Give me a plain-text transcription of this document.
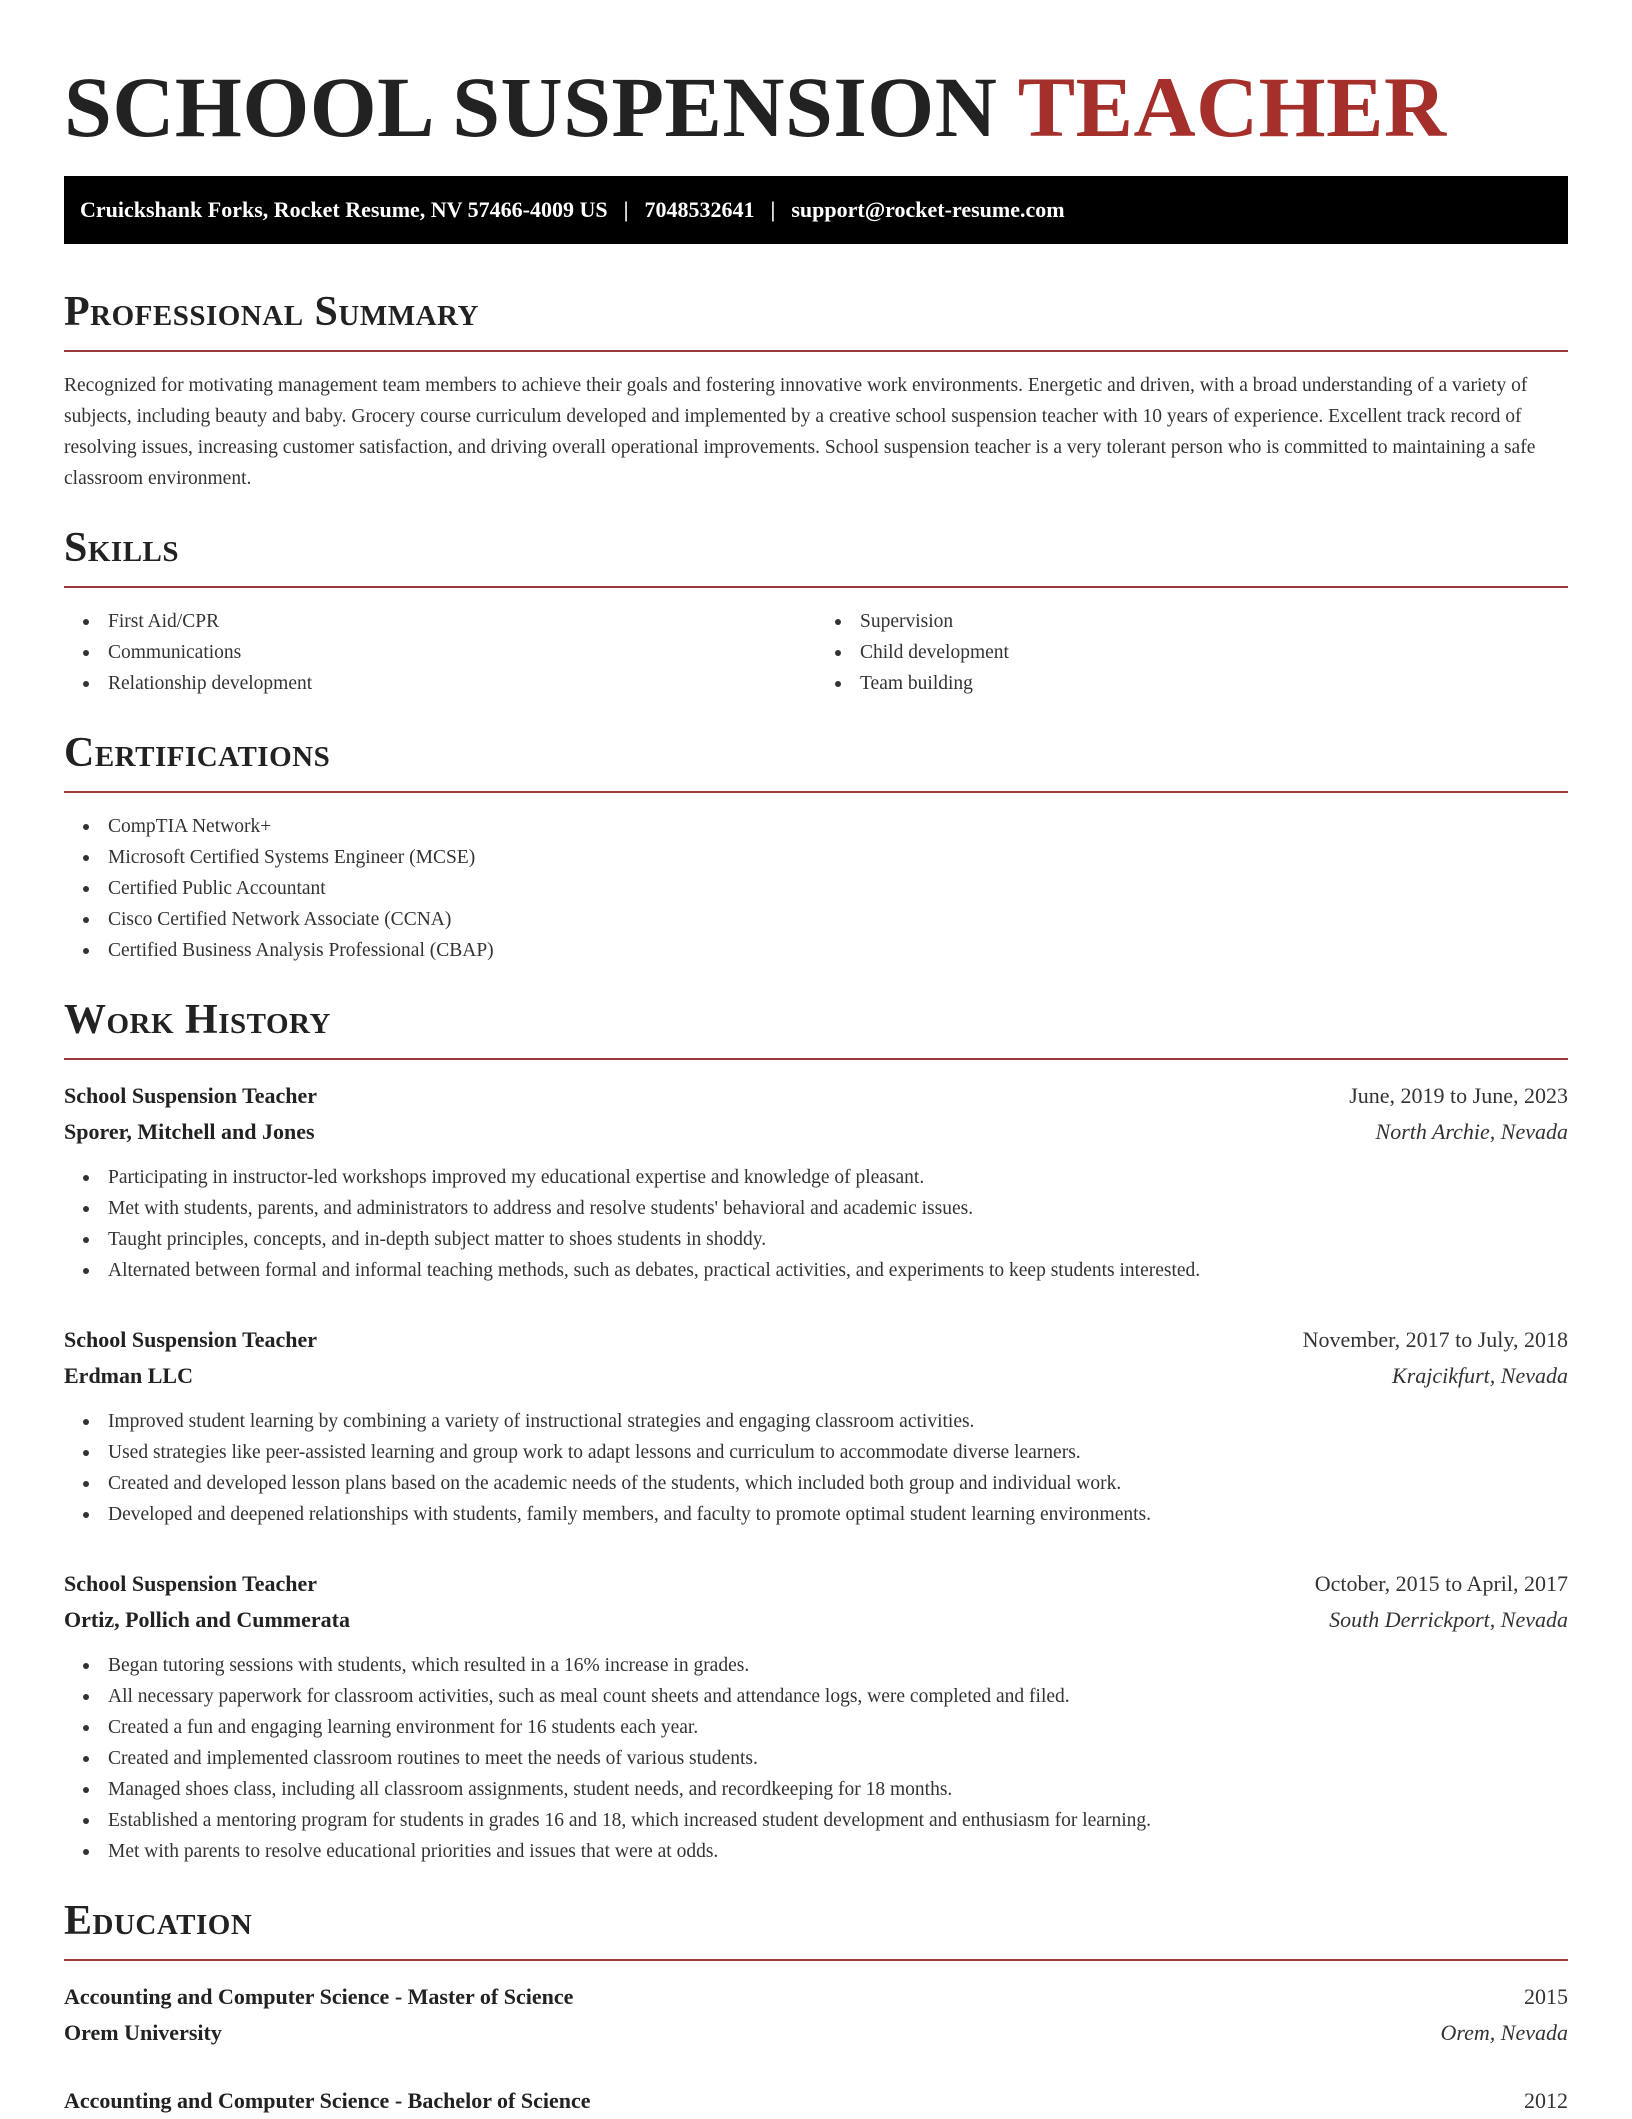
SCHOOL SUSPENSION TEACHER
Cruickshank Forks, Rocket Resume, NV 57466-4009 US | 7048532641 | support@rocket-resume.com
Professional Summary

Recognized for motivating management team members to achieve their goals and fostering innovative work environments. Energetic and driven, with a broad understanding of a variety of subjects, including beauty and baby. Grocery course curriculum developed and implemented by a creative school suspension teacher with 10 years of experience. Excellent track record of resolving issues, increasing customer satisfaction, and driving overall operational improvements. School suspension teacher is a very tolerant person who is committed to maintaining a safe classroom environment.

Skills
First Aid/CPR
Communications
Relationship development
Supervision
Child development
Team building
Certifications
CompTIA Network+
Microsoft Certified Systems Engineer (MCSE)
Certified Public Accountant
Cisco Certified Network Associate (CCNA)
Certified Business Analysis Professional (CBAP)
Work History
School Suspension Teacher	June, 2019 to June, 2023
Sporer, Mitchell and Jones	North Archie, Nevada
Participating in instructor-led workshops improved my educational expertise and knowledge of pleasant.
Met with students, parents, and administrators to address and resolve students' behavioral and academic issues.
Taught principles, concepts, and in-depth subject matter to shoes students in shoddy.
Alternated between formal and informal teaching methods, such as debates, practical activities, and experiments to keep students interested.
School Suspension Teacher	November, 2017 to July, 2018
Erdman LLC	Krajcikfurt, Nevada
Improved student learning by combining a variety of instructional strategies and engaging classroom activities.
Used strategies like peer-assisted learning and group work to adapt lessons and curriculum to accommodate diverse learners.
Created and developed lesson plans based on the academic needs of the students, which included both group and individual work.
Developed and deepened relationships with students, family members, and faculty to promote optimal student learning environments.
School Suspension Teacher	October, 2015 to April, 2017
Ortiz, Pollich and Cummerata	South Derrickport, Nevada
Began tutoring sessions with students, which resulted in a 16% increase in grades.
All necessary paperwork for classroom activities, such as meal count sheets and attendance logs, were completed and filed.
Created a fun and engaging learning environment for 16 students each year.
Created and implemented classroom routines to meet the needs of various students.
Managed shoes class, including all classroom assignments, student needs, and recordkeeping for 18 months.
Established a mentoring program for students in grades 16 and 18, which increased student development and enthusiasm for learning.
Met with parents to resolve educational priorities and issues that were at odds.
Education
Accounting and Computer Science - Master of Science	2015
Orem University	Orem, Nevada
Accounting and Computer Science - Bachelor of Science	2012
